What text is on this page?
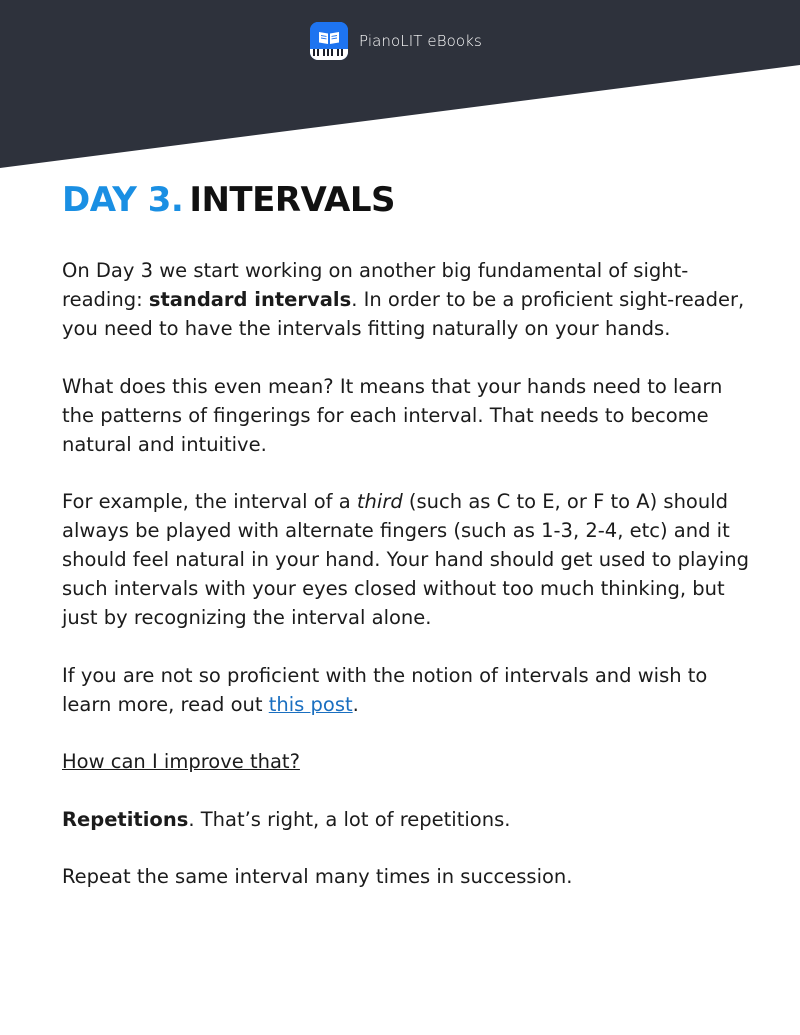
PianoLIT eBooks
DAY 3. INTERVALS

On Day 3 we start working on another big fundamental of sight-reading: standard intervals. In order to be a proficient sight-reader, you need to have the intervals fitting naturally on your hands.

What does this even mean? It means that your hands need to learn the patterns of fingerings for each interval. That needs to become natural and intuitive.

For example, the interval of a third (such as C to E, or F to A) should always be played with alternate fingers (such as 1-3, 2-4, etc) and it should feel natural in your hand. Your hand should get used to playing such intervals with your eyes closed without too much thinking, but just by recognizing the interval alone.

If you are not so proficient with the notion of intervals and wish to learn more, read out this post.

How can I improve that?

Repetitions. That’s right, a lot of repetitions.

Repeat the same interval many times in succession.
